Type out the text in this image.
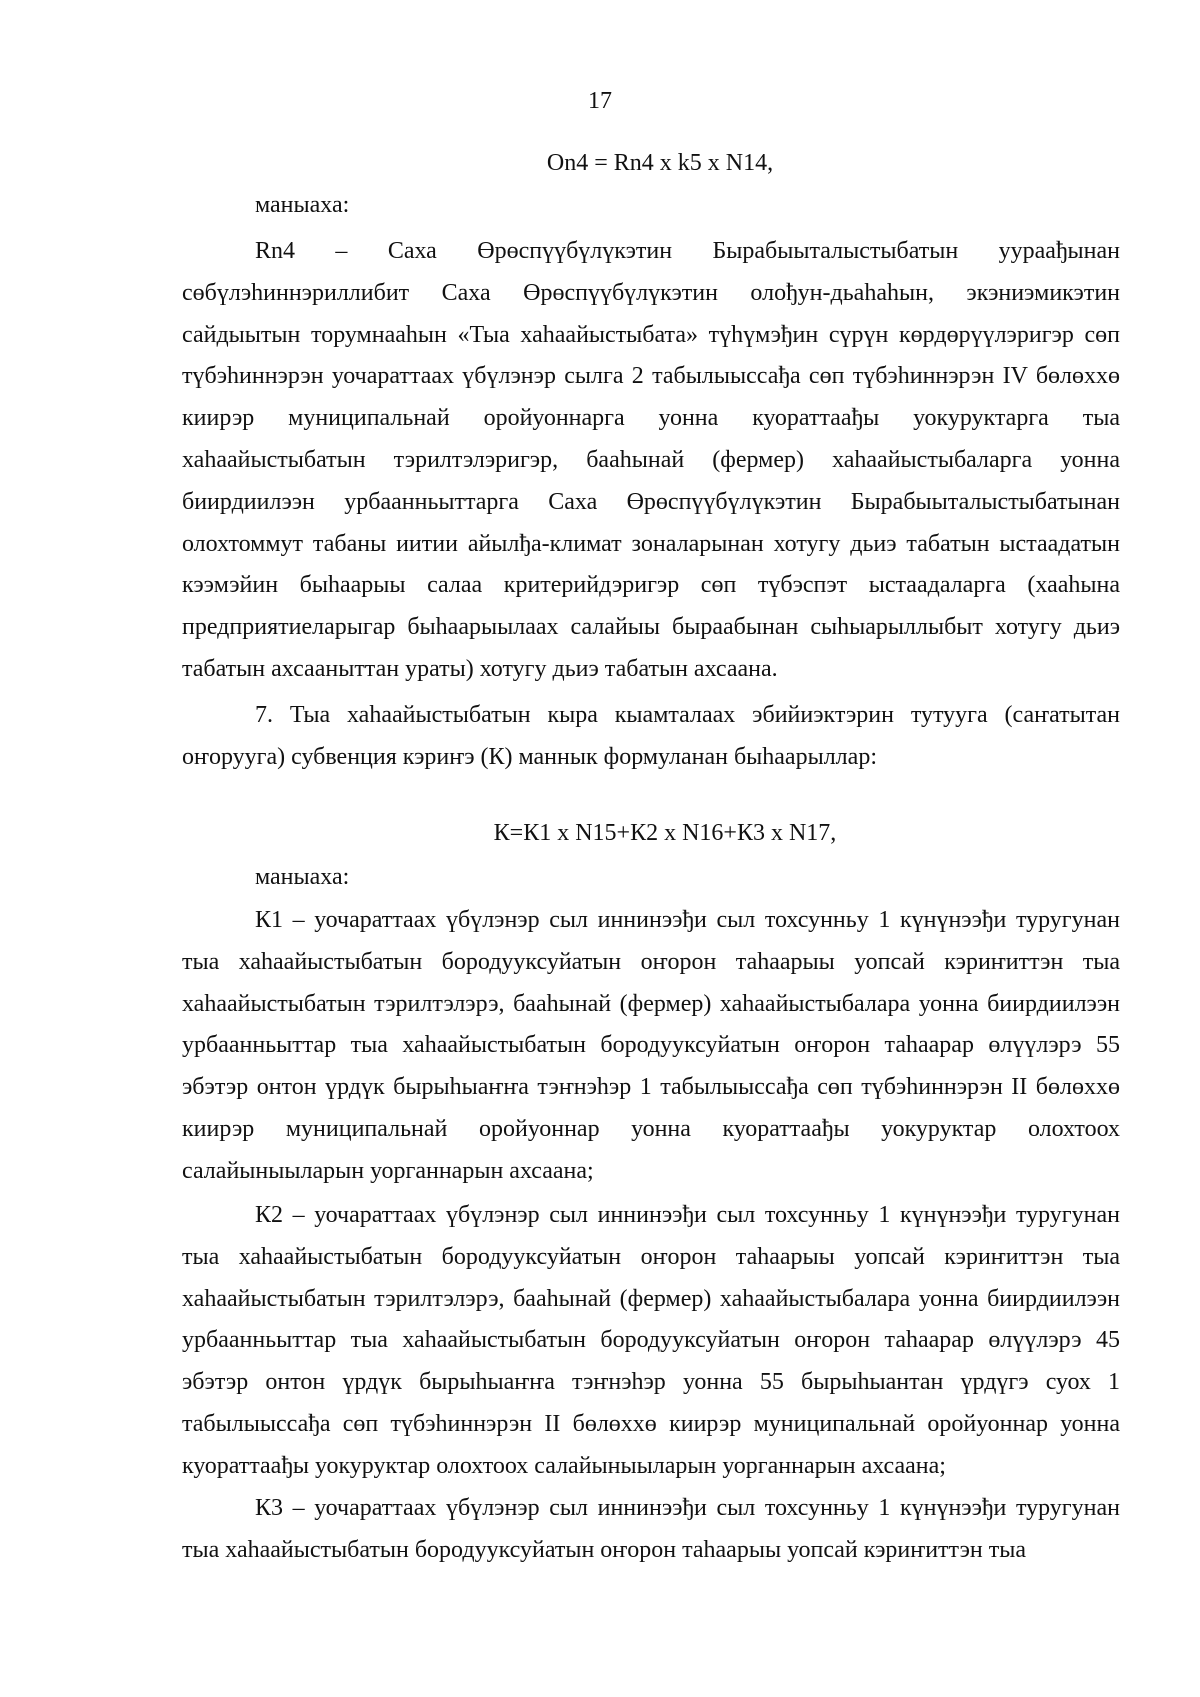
17
On4 = Rn4 x k5 x N14,
маныаха:

Rn4 – Саха Өрөспүүбүлүкэтин Бырабыыталыстыбатын уураађынан сөбүлэһиннэриллибит Саха Өрөспүүбүлүкэтин олођун-дьаһаһын, экэниэмикэтин сайдыытын торумнааһын «Тыа хаһаайыстыбата» түһүмэђин сүрүн көрдөрүүлэригэр сөп түбэһиннэрэн уочараттаах үбүлэнэр сылга 2 табылыыссађа сөп түбэһиннэрэн IV бөлөххө киирэр муниципальнай оройуоннарга уонна куораттаађы уокуруктарга тыа хаһаайыстыбатын тэрилтэлэригэр, бааһынай (фермер) хаһаайыстыбаларга уонна биирдиилээн урбаанньыттарга Саха Өрөспүүбүлүкэтин Бырабыыталыстыбатынан олохтоммут табаны иитии айылђа-климат зоналарынан хотугу дьиэ табатын ыстаадатын кээмэйин быһаарыы салаа критерийдэригэр сөп түбэспэт ыстаадаларга (хааһына предприятиеларыгар быһаарыылаах салайыы быраабынан сыһыарыллыбыт хотугу дьиэ табатын ахсааныттан ураты) хотугу дьиэ табатын ахсаана.

7. Тыа хаһаайыстыбатын кыра кыамталаах эбийиэктэрин тутууга (саҥатытан оҥоруугa) субвенция кэриҥэ (К) маннык формуланан быһаарыллар:

К=К1 х N15+К2 х N16+К3 х N17,
маныаха:

К1 – уочараттаах үбүлэнэр сыл иннинээђи сыл тохсунньу 1 күнүнээђи туругунан тыа хаһаайыстыбатын бородууксуйатын оҥорон таһаарыы уопсай кэриҥиттэн тыа хаһаайыстыбатын тэрилтэлэрэ, бааһынай (фермер) хаһаайыстыбалара уонна биирдиилээн урбаанньыттар тыа хаһаайыстыбатын бородууксуйатын оҥорон таһаарар өлүүлэрэ 55 эбэтэр онтон үрдүк бырыһыаҥҥа тэҥнэһэр 1 табылыыссађа сөп түбэһиннэрэн II бөлөххө киирэр муниципальнай оройуоннар уонна куораттаађы уокуруктар олохтоох салайыныыларын уорганнарын ахсаана;

К2 – уочараттаах үбүлэнэр сыл иннинээђи сыл тохсунньу 1 күнүнээђи туругунан тыа хаһаайыстыбатын бородууксуйатын оҥорон таһаарыы уопсай кэриҥиттэн тыа хаһаайыстыбатын тэрилтэлэрэ, бааһынай (фермер) хаһаайыстыбалара уонна биирдиилээн урбаанньыттар тыа хаһаайыстыбатын бородууксуйатын оҥорон таһаарар өлүүлэрэ 45 эбэтэр онтон үрдүк бырыһыаҥҥа тэҥнэһэр уонна 55 бырыһыантан үрдүгэ суох 1 табылыыссађа сөп түбэһиннэрэн II бөлөххө киирэр муниципальнай оройуоннар уонна куораттаађы уокуруктар олохтоох салайыныыларын уорганнарын ахсаана;

К3 – уочараттаах үбүлэнэр сыл иннинээђи сыл тохсунньу 1 күнүнээђи туругунан тыа хаһаайыстыбатын бородууксуйатын оҥорон таһаарыы уопсай кэриҥиттэн тыа
